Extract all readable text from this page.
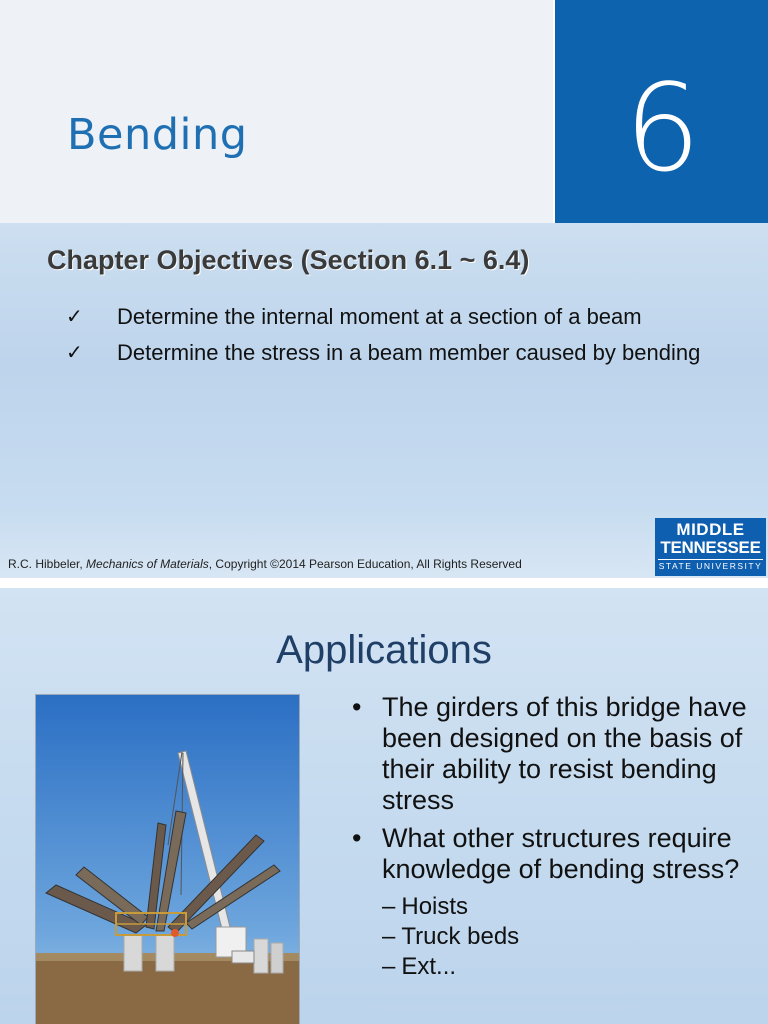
Bending	6
Chapter Objectives (Section 6.1 ~ 6.4)
✓ Determine the internal moment at a section of a beam
✓ Determine the stress in a beam member caused by bending
R.C. Hibbeler, Mechanics of Materials, Copyright ©2014 Pearson Education, All Rights Reserved
MIDDLE
TENNESSEE
STATE UNIVERSITY
Applications
• The girders of this bridge have been designed on the basis of their ability to resist bending stress
• What other structures require knowledge of bending stress?
– Hoists
– Truck beds
– Ext...
